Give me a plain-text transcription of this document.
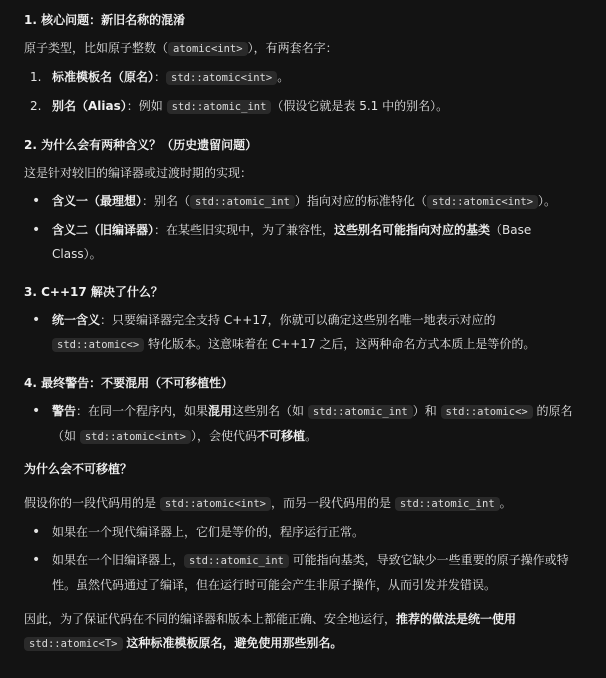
1. 核心问题：新旧名称的混淆

原子类型，比如原子整数（ atomic<int> ），有两套名字：

1. 标准模板名（原名）： std::atomic<int> 。
2. 别名（Alias）：例如 std::atomic_int （假设它就是表 5.1 中的别名）。

2. 为什么会有两种含义？（历史遗留问题）

这是针对较旧的编译器或过渡时期的实现：

• 含义一（最理想）：别名（ std::atomic_int ）指向对应的标准特化（ std::atomic<int> ）。
• 含义二（旧编译器）：在某些旧实现中，为了兼容性，这些别名可能指向对应的基类（Base Class）。

3. C++17 解决了什么？

• 统一含义：只要编译器完全支持 C++17，你就可以确定这些别名唯一地表示对应的std::atomic<> 特化版本。这意味着在 C++17 之后，这两种命名方式本质上是等价的。

4. 最终警告：不要混用（不可移植性）

• 警告：在同一个程序内，如果混用这些别名（如 std::atomic_int ）和 std::atomic<> 的原名（如 std::atomic<int> ），会使代码不可移植。

为什么会不可移植？

假设你的一段代码用的是 std::atomic<int> ，而另一段代码用的是 std::atomic_int 。

• 如果在一个现代编译器上，它们是等价的，程序运行正常。
• 如果在一个旧编译器上， std::atomic_int 可能指向基类，导致它缺少一些重要的原子操作或特性。虽然代码通过了编译，但在运行时可能会产生非原子操作，从而引发并发错误。

因此，为了保证代码在不同的编译器和版本上都能正确、安全地运行，推荐的做法是统一使用 std::atomic<T> 这种标准模板原名，避免使用那些别名。
